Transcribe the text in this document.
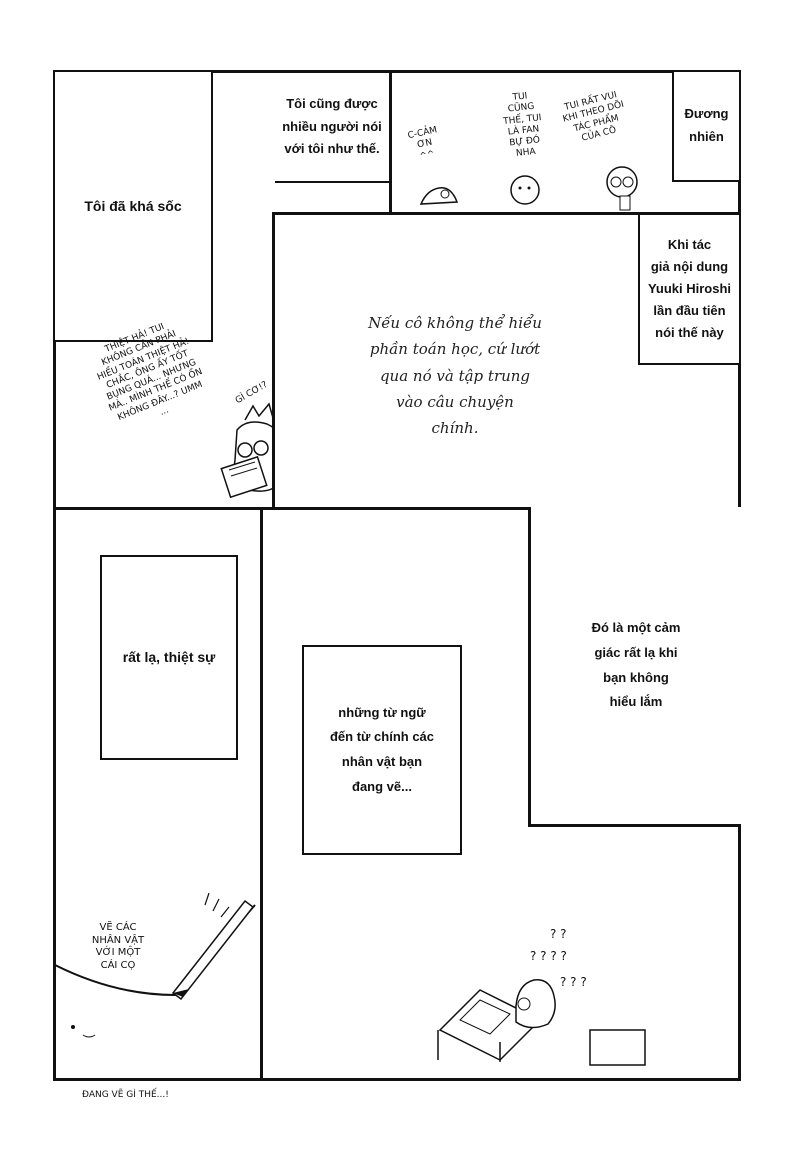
Tôi đã khá sốc
THIỆT HẢ! TUI
KHÔNG CẦN PHẢI
HIỂU TOÁN THIỆT HẢ!
CHẮC, ÔNG ẤY TỐT
BỤNG QUÁ... NHƯNG
MÀ.. MÌNH THỂ CÓ ỔN
KHÔNG ĐÂY...? UMM
...
GÌ CƠ!?
Tôi cũng được
nhiều người nói
với tôi như thế.
C-CẢM
ƠN
^^
TUI
CŨNG
THẾ, TUI
LÀ FAN
BỰ ĐÓ
NHA
TUI RẤT VUI
KHI THEO DÕI
TÁC PHẨM
CỦA CÔ
Đương
nhiên
Nếu cô không thể hiểu
phần toán học, cứ lướt
qua nó và tập trung
vào câu chuyện
chính.
Khi tác
giả nội dung
Yuuki Hiroshi
lần đầu tiên
nói thế này
rất lạ, thiệt sự
VẼ CÁC
NHÂN VẬT
VỚI MỘT
CÁI CỌ
những từ ngữ
đến từ chính các
nhân vật bạn
đang vẽ...
Đó là một cảm
giác rất lạ khi
bạn không
hiểu lắm
? ?
? ? ? ?
? ? ?
ĐANG VẼ GÌ THẾ...!
